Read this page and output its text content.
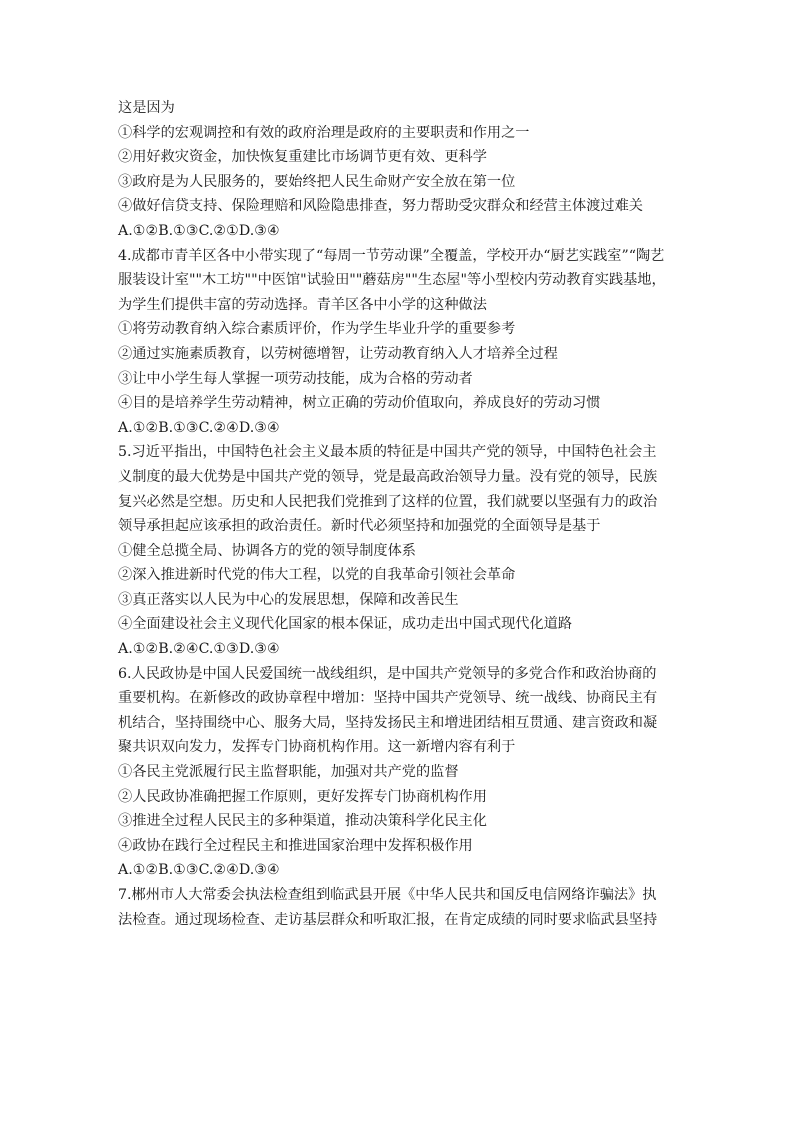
这是因为
①科学的宏观调控和有效的政府治理是政府的主要职责和作用之一
②用好救灾资金，加快恢复重建比市场调节更有效、更科学
③政府是为人民服务的，要始终把人民生命财产安全放在第一位
④做好信贷支持、保险理赔和风险隐患排查，努力帮助受灾群众和经营主体渡过难关
A.①②B.①③C.②①D.③④
4.成都市青羊区各中小带实现了“每周一节劳动课”全覆盖，学校开办“厨艺实践室”“陶艺
服装设计室""木工坊""中医馆"试验田""蘑菇房""生态屋"等小型校内劳动教育实践基地，
为学生们提供丰富的劳动选择。青羊区各中小学的这种做法
①将劳动教育纳入综合素质评价，作为学生毕业升学的重要参考
②通过实施素质教育，以劳树德增智，让劳动教育纳入人才培养全过程
③让中小学生每人掌握一项劳动技能，成为合格的劳动者
④目的是培养学生劳动精神，树立正确的劳动价值取向，养成良好的劳动习惯
A.①②B.①③C.②④D.③④
5.习近平指出，中国特色社会主义最本质的特征是中国共产党的领导，中国特色社会主
义制度的最大优势是中国共产党的领导，党是最高政治领导力量。没有党的领导，民族
复兴必然是空想。历史和人民把我们党推到了这样的位置，我们就要以坚强有力的政治
领导承担起应该承担的政治责任。新时代必须坚持和加强党的全面领导是基于
①健全总揽全局、协调各方的党的领导制度体系
②深入推进新时代党的伟大工程，以党的自我革命引领社会革命
③真正落实以人民为中心的发展思想，保障和改善民生
④全面建设社会主义现代化国家的根本保证，成功走出中国式现代化道路
A.①②B.②④C.①③D.③④
6.人民政协是中国人民爱国统一战线组织，是中国共产党领导的多党合作和政治协商的
重要机构。在新修改的政协章程中增加：坚持中国共产党领导、统一战线、协商民主有
机结合，坚持围绕中心、服务大局，坚持发扬民主和增进团结相互贯通、建言资政和凝
聚共识双向发力，发挥专门协商机构作用。这一新增内容有利于
①各民主党派履行民主监督职能，加强对共产党的监督
②人民政协准确把握工作原则，更好发挥专门协商机构作用
③推进全过程人民民主的多种渠道，推动决策科学化民主化
④政协在践行全过程民主和推进国家治理中发挥积极作用
A.①②B.①③C.②④D.③④
7.郴州市人大常委会执法检查组到临武县开展《中华人民共和国反电信网络诈骗法》执
法检查。通过现场检查、走访基层群众和听取汇报，在肯定成绩的同时要求临武县坚持
